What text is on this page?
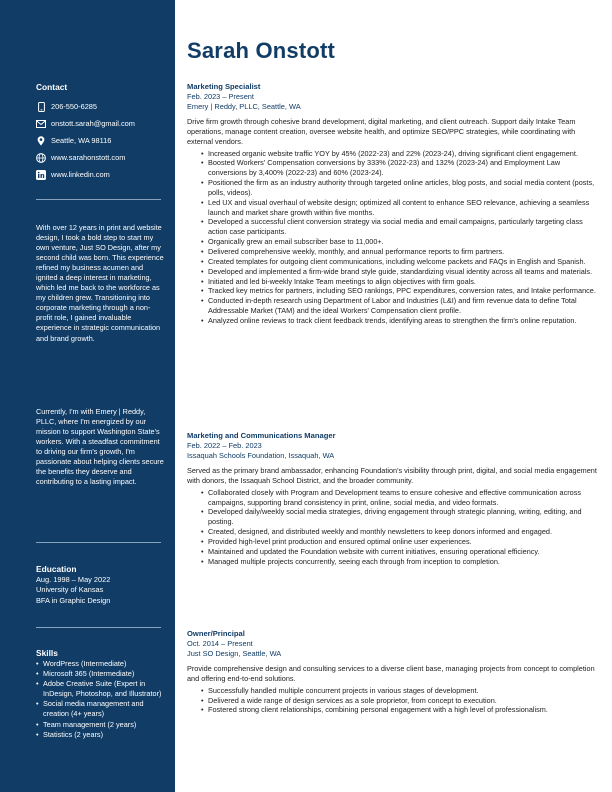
Contact
206-550-6285
onstott.sarah@gmail.com
Seattle, WA 98116
www.sarahonstott.com
www.linkedin.com

With over 12 years in print and website design, I took a bold step to start my own venture, Just SO Design, after my second child was born. This experience refined my business acumen and ignited a deep interest in marketing, which led me back to the workforce as my children grew. Transitioning into corporate marketing through a non-profit role, I gained invaluable experience in strategic communication and brand growth.

Currently, I'm with Emery | Reddy, PLLC, where I'm energized by our mission to support Washington State's workers. With a steadfast commitment to driving our firm's growth, I'm passionate about helping clients secure the benefits they deserve and contributing to a lasting impact.

Education
Aug. 1998 – May 2022
University of Kansas
BFA in Graphic Design
Skills
• WordPress (Intermediate)
• Microsoft 365 (Intermediate)
• Adobe Creative Suite (Expert in InDesign, Photoshop, and Illustrator)
• Social media management and creation (4+ years)
• Team management (2 years)
• Statistics (2 years)
Sarah Onstott
Marketing Specialist
Feb. 2023 – Present
Emery | Reddy, PLLC, Seattle, WA
Drive firm growth through cohesive brand development, digital marketing, and client outreach. Support daily Intake Team operations, manage content creation, oversee website health, and optimize SEO/PPC strategies, while coordinating with external vendors.
• Increased organic website traffic YOY by 45% (2022-23) and 22% (2023-24), driving significant client engagement.
• Boosted Workers' Compensation conversions by 333% (2022-23) and 132% (2023-24) and Employment Law conversions by 3,400% (2022-23) and 60% (2023-24).
• Positioned the firm as an industry authority through targeted online articles, blog posts, and social media content (posts, polls, videos).
• Led UX and visual overhaul of website design; optimized all content to enhance SEO relevance, achieving a seamless launch and market share growth within five months.
• Developed a successful client conversion strategy via social media and email campaigns, particularly targeting class action case participants.
• Organically grew an email subscriber base to 11,000+.
• Delivered comprehensive weekly, monthly, and annual performance reports to firm partners.
• Created templates for outgoing client communications, including welcome packets and FAQs in English and Spanish.
• Developed and implemented a firm-wide brand style guide, standardizing visual identity across all teams and materials.
• Initiated and led bi-weekly Intake Team meetings to align objectives with firm goals.
• Tracked key metrics for partners, including SEO rankings, PPC expenditures, conversion rates, and Intake performance.
• Conducted in-depth research using Department of Labor and Industries (L&I) and firm revenue data to define Total Addressable Market (TAM) and the ideal Workers' Compensation client profile.
• Analyzed online reviews to track client feedback trends, identifying areas to strengthen the firm's online reputation.
Marketing and Communications Manager
Feb. 2022 – Feb. 2023
Issaquah Schools Foundation, Issaquah, WA
Served as the primary brand ambassador, enhancing Foundation's visibility through print, digital, and social media engagement with donors, the Issaquah School District, and the broader community.
• Collaborated closely with Program and Development teams to ensure cohesive and effective communication across campaigns, supporting brand consistency in print, online, social media, and video formats.
• Developed daily/weekly social media strategies, driving engagement through strategic planning, writing, editing, and posting.
• Created, designed, and distributed weekly and monthly newsletters to keep donors informed and engaged.
• Provided high-level print production and ensured optimal online user experiences.
• Maintained and updated the Foundation website with current initiatives, ensuring operational efficiency.
• Managed multiple projects concurrently, seeing each through from inception to completion.
Owner/Principal
Oct. 2014 – Present
Just SO Design, Seattle, WA
Provide comprehensive design and consulting services to a diverse client base, managing projects from concept to completion and offering end-to-end solutions.
• Successfully handled multiple concurrent projects in various stages of development.
• Delivered a wide range of design services as a sole proprietor, from concept to execution.
• Fostered strong client relationships, combining personal engagement with a high level of professionalism.
